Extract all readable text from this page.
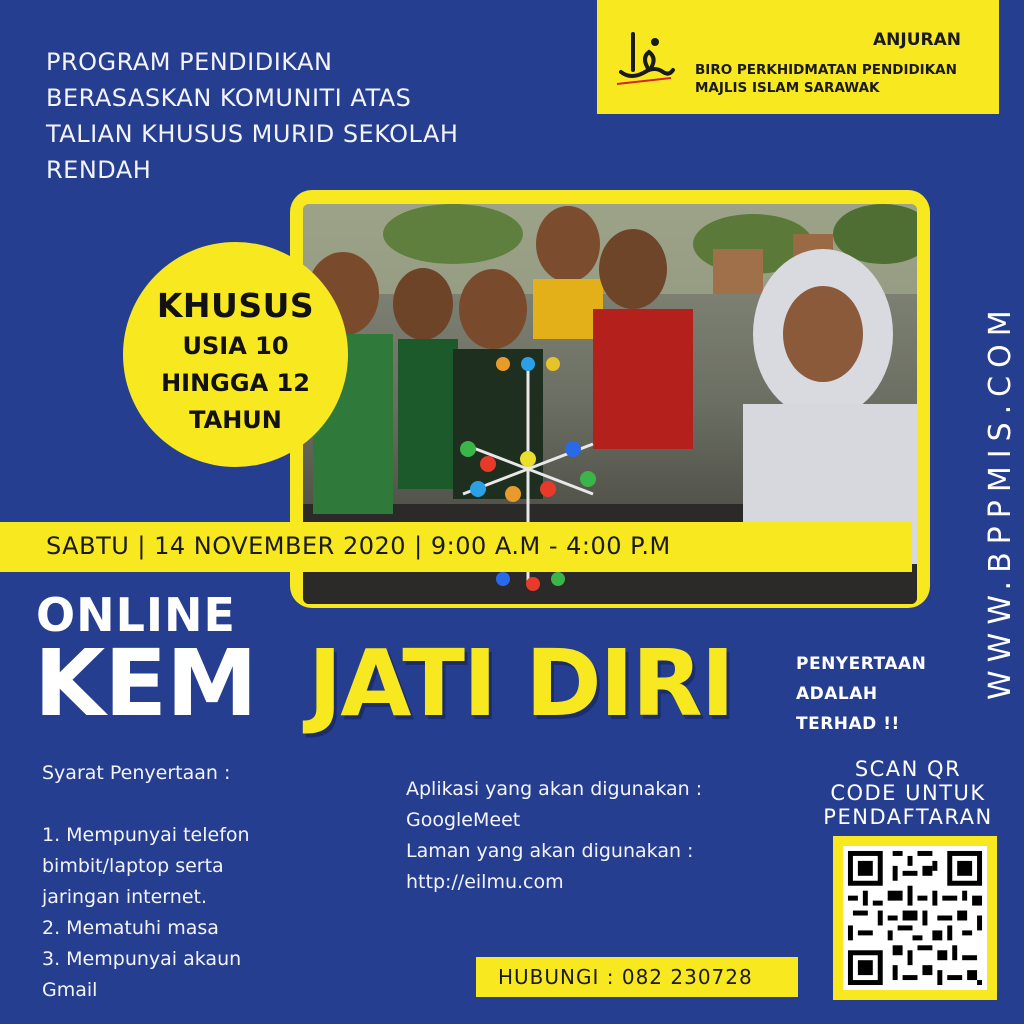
PROGRAM PENDIDIKAN
BERASASKAN KOMUNITI ATAS
TALIAN KHUSUS MURID SEKOLAH
RENDAH
ANJURAN
BIRO PERKHIDMATAN PENDIDIKAN
MAJLIS ISLAM SARAWAK
KHUSUS
USIA 10
HINGGA 12
TAHUN
SABTU | 14 NOVEMBER 2020 | 9:00 A.M - 4:00 P.M
ONLINE
KEM JATI DIRI	PENYERTAAN
ADALAH
TERHAD !!
WWW.BPPMIS.COM
Syarat Penyertaan :
1. Mempunyai telefon
bimbit/laptop serta
jaringan internet.
2. Mematuhi masa
3. Mempunyai akaun
Gmail
Aplikasi yang akan digunakan :
GoogleMeet
Laman yang akan digunakan :
http://eilmu.com
SCAN QR
CODE UNTUK
PENDAFTARAN
HUBUNGI : 082 230728
